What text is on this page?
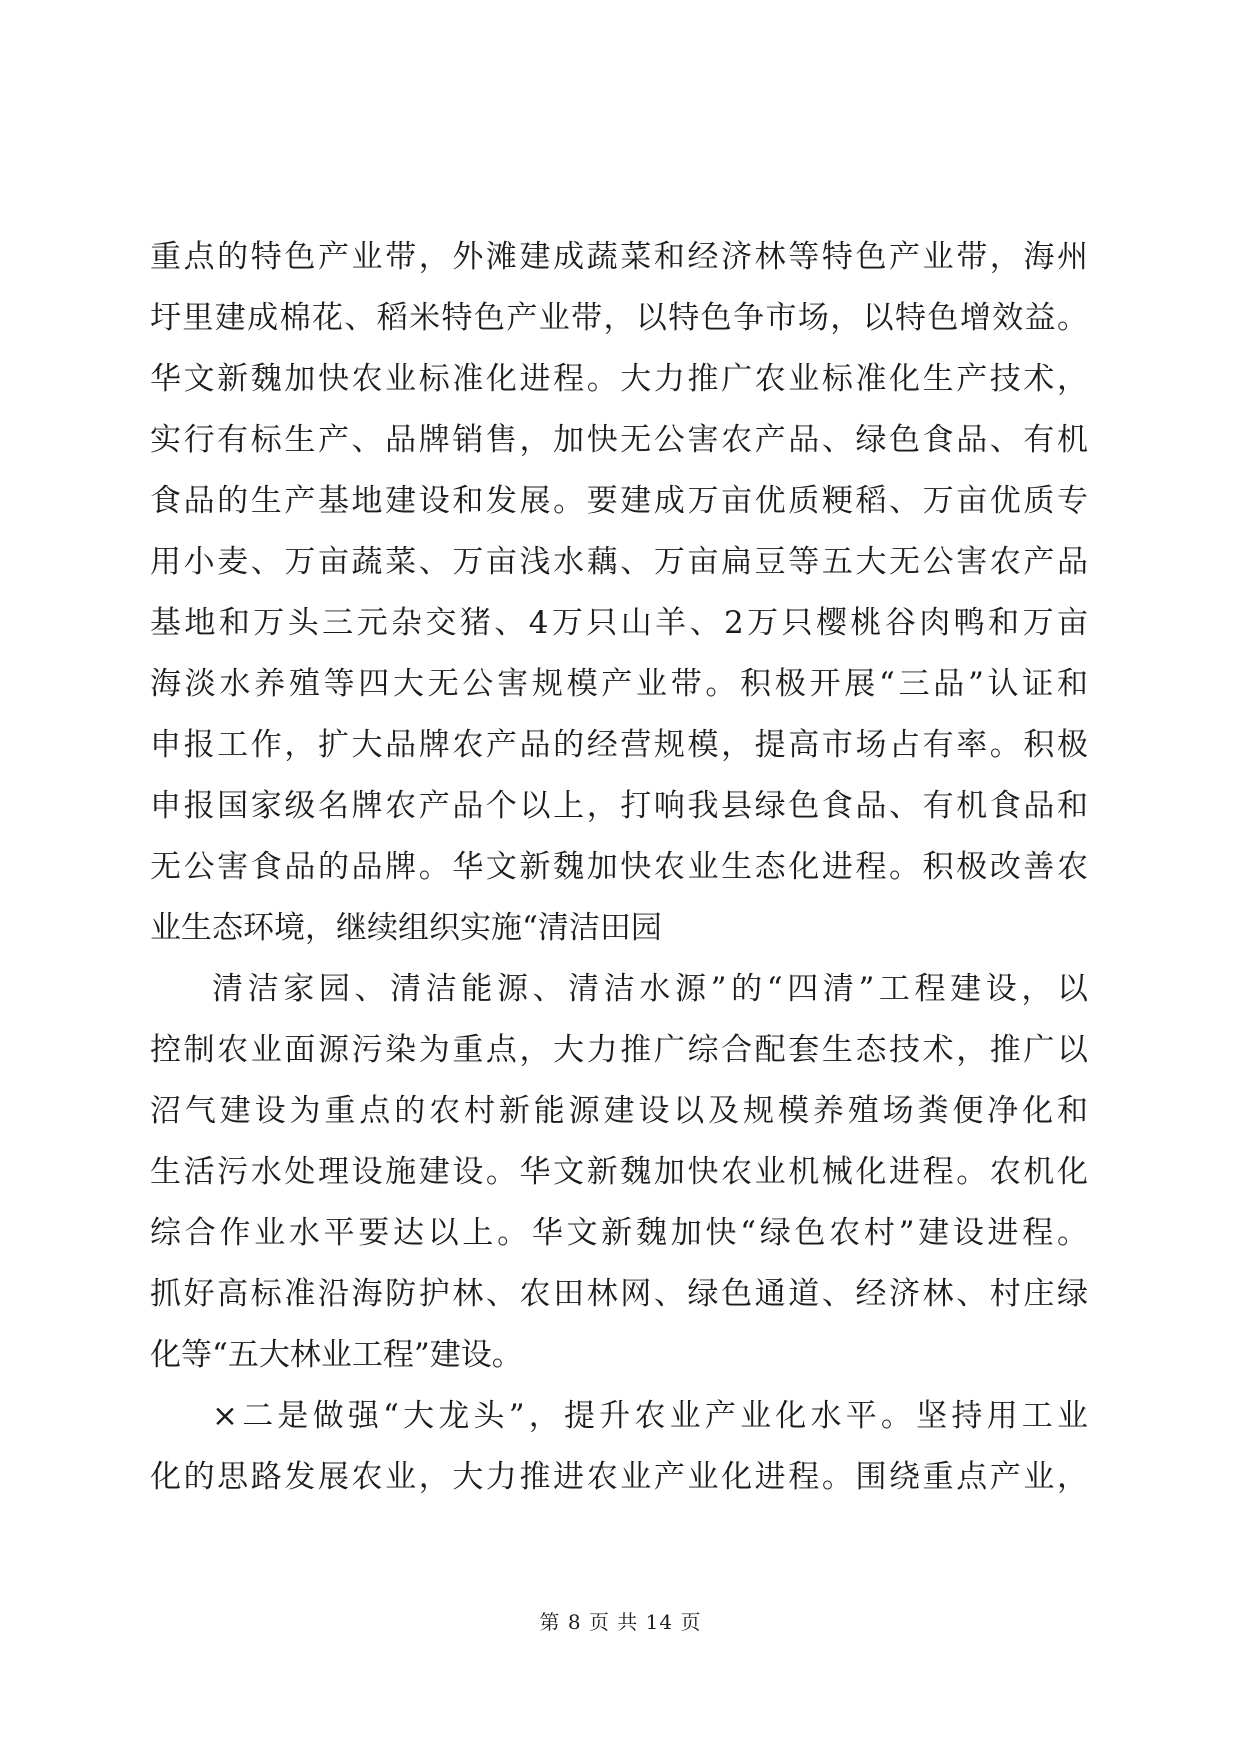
重点的特色产业带，外滩建成蔬菜和经济林等特色产业带，海州
圩里建成棉花、稻米特色产业带，以特色争市场，以特色增效益。
华文新魏加快农业标准化进程。大力推广农业标准化生产技术，
实行有标生产、品牌销售，加快无公害农产品、绿色食品、有机
食品的生产基地建设和发展。要建成万亩优质粳稻、万亩优质专
用小麦、万亩蔬菜、万亩浅水藕、万亩扁豆等五大无公害农产品
基地和万头三元杂交猪、4万只山羊、2万只樱桃谷肉鸭和万亩
海淡水养殖等四大无公害规模产业带。积极开展“三品”认证和
申报工作，扩大品牌农产品的经营规模，提高市场占有率。积极
申报国家级名牌农产品个以上，打响我县绿色食品、有机食品和
无公害食品的品牌。华文新魏加快农业生态化进程。积极改善农
业生态环境，继续组织实施“清洁田园
清洁家园、清洁能源、清洁水源”的“四清”工程建设，以
控制农业面源污染为重点，大力推广综合配套生态技术，推广以
沼气建设为重点的农村新能源建设以及规模养殖场粪便净化和
生活污水处理设施建设。华文新魏加快农业机械化进程。农机化
综合作业水平要达以上。华文新魏加快“绿色农村”建设进程。
抓好高标准沿海防护林、农田林网、绿色通道、经济林、村庄绿
化等“五大林业工程”建设。
×二是做强“大龙头”，提升农业产业化水平。坚持用工业
化的思路发展农业，大力推进农业产业化进程。围绕重点产业，
第 8 页 共 14 页
